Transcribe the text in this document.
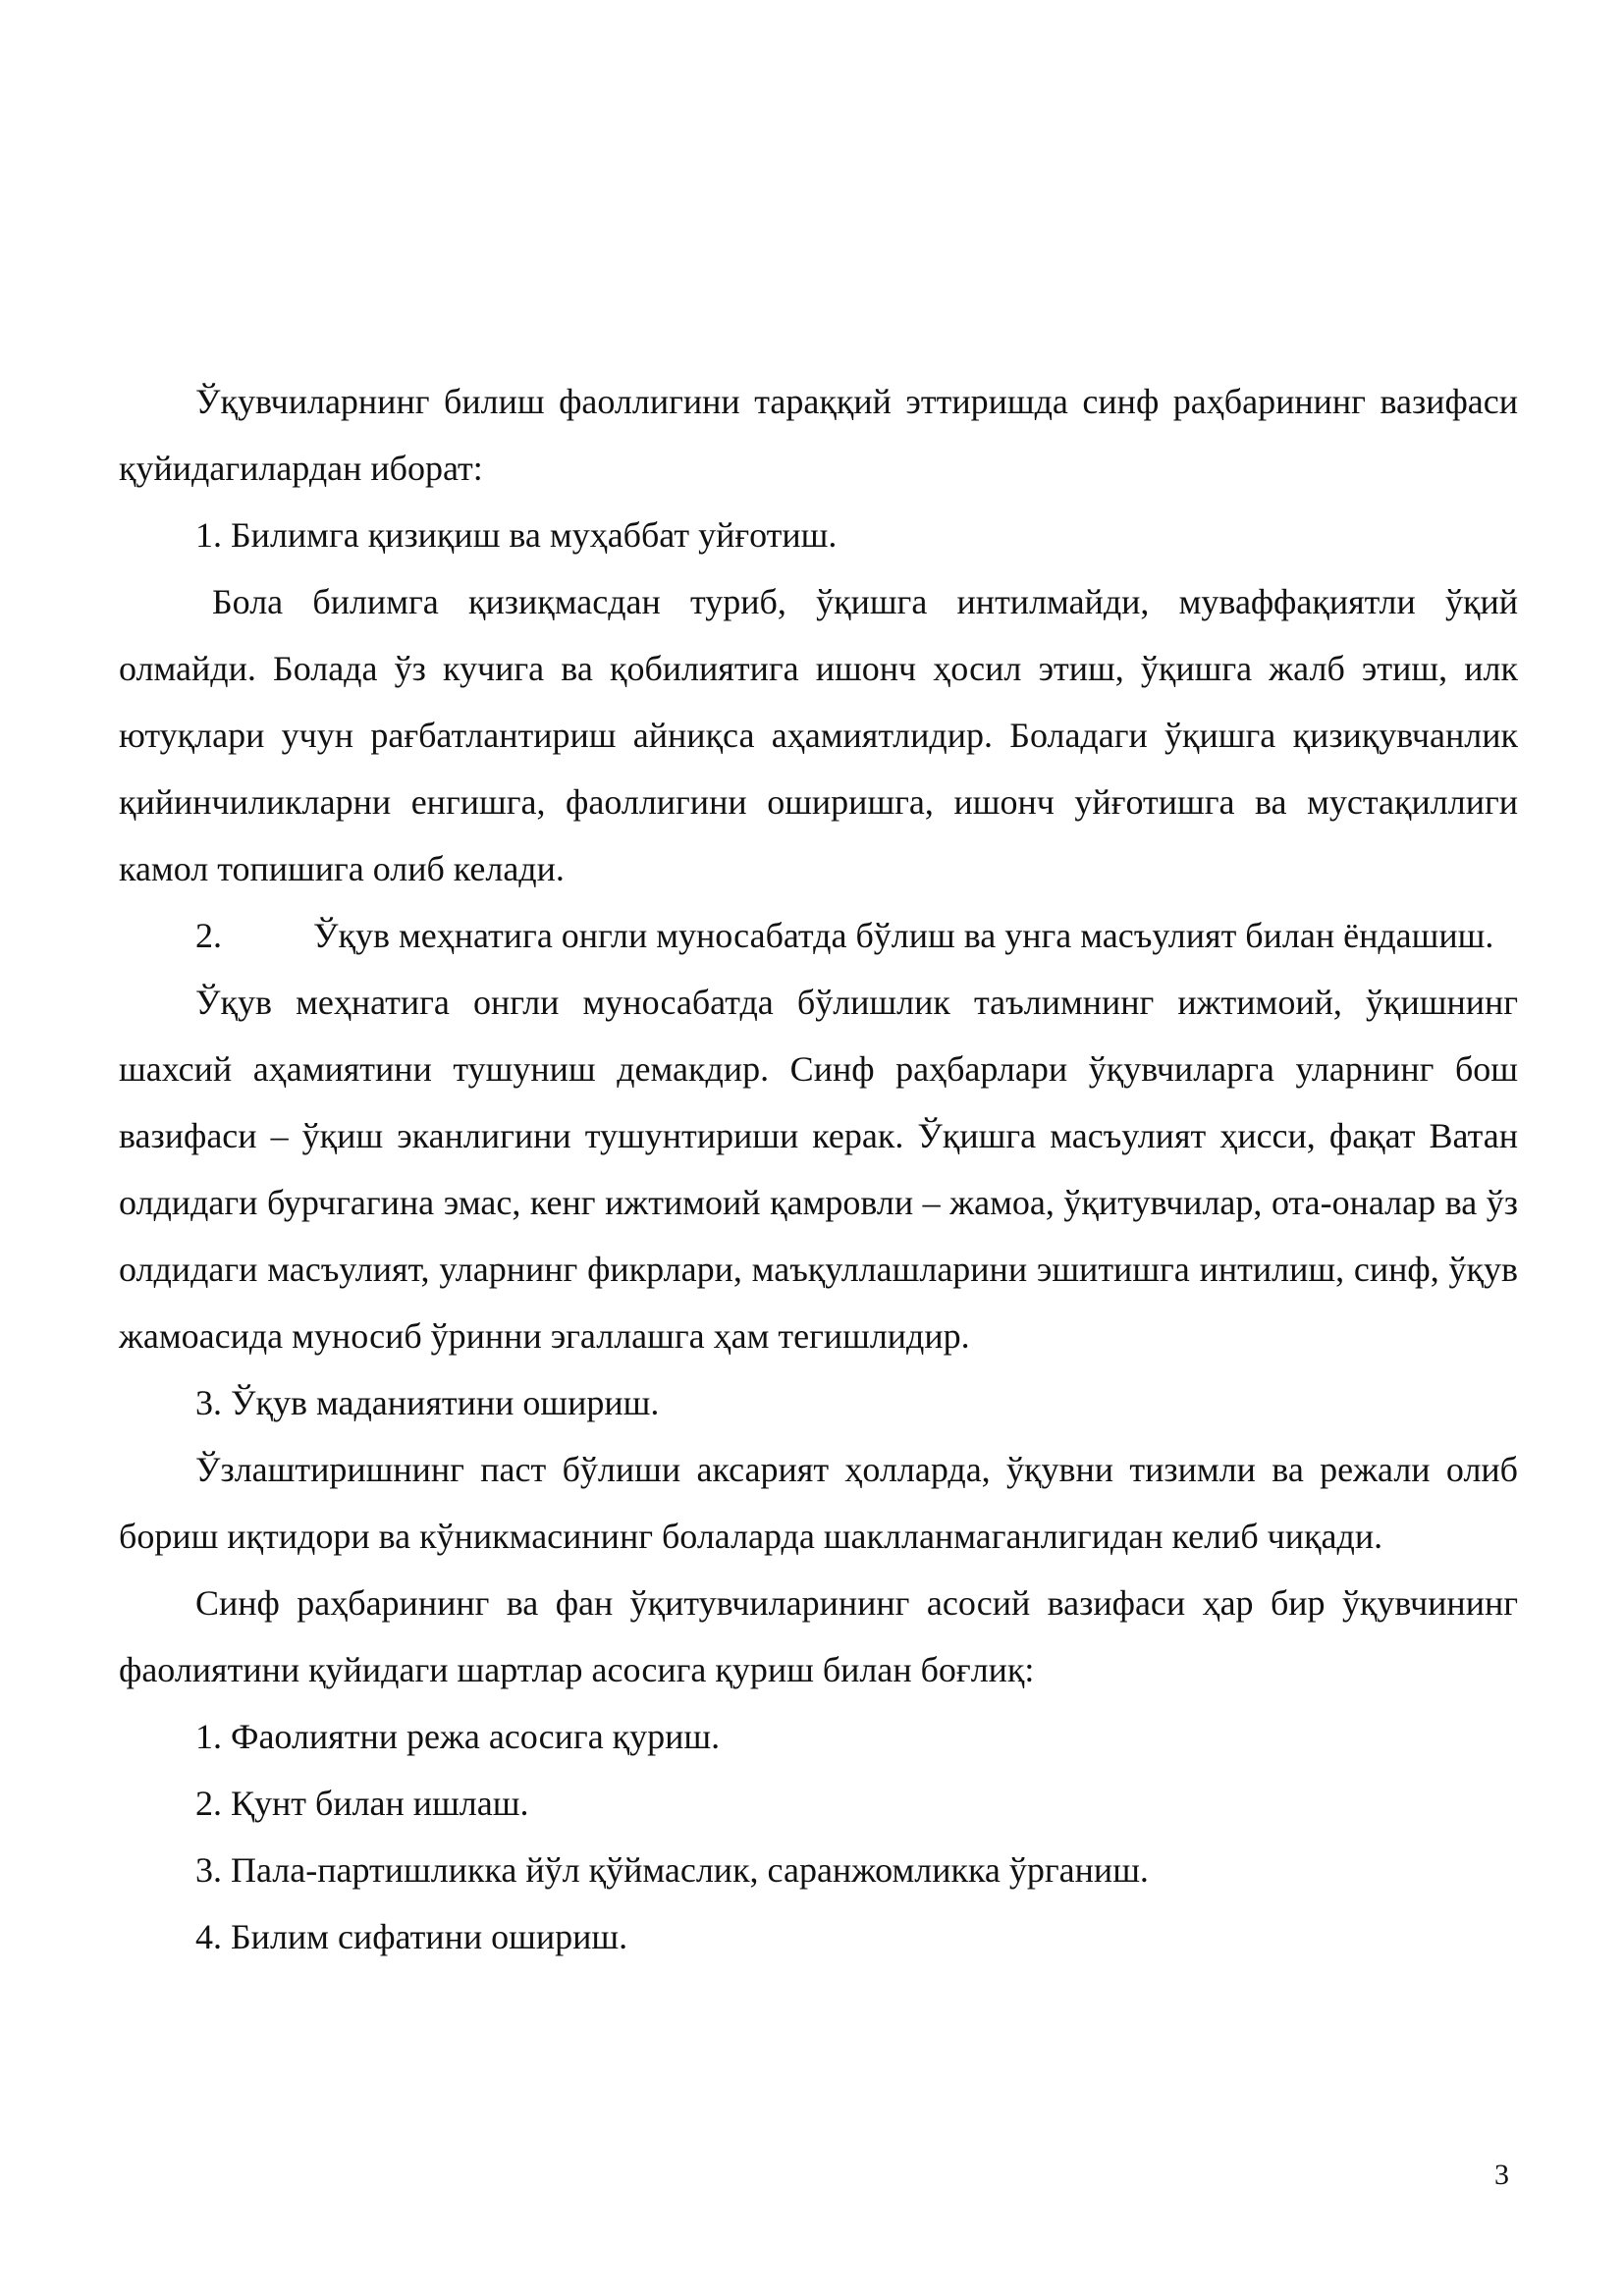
Ўқувчиларнинг билиш фаоллигини тараққий эттиришда синф раҳбарининг вазифаси қуйидагилардан иборат:

1. Билимга қизиқиш ва муҳаббат уйғотиш.

Бола билимга қизиқмасдан туриб, ўқишга интилмайди, муваффақиятли ўқий олмайди. Болада ўз кучига ва қобилиятига ишонч ҳосил этиш, ўқишга жалб этиш, илк ютуқлари учун рағбатлантириш айниқса аҳамиятлидир. Боладаги ўқишга қизиқувчанлик қийинчиликларни енгишга, фаоллигини оширишга, ишонч уйғотишга ва мустақиллиги камол топишига олиб келади.

2.	Ўқув меҳнатига онгли муносабатда бўлиш ва унга масъулият билан ёндашиш.

Ўқув меҳнатига онгли муносабатда бўлишлик таълимнинг ижтимоий, ўқишнинг шахсий аҳамиятини тушуниш демакдир. Синф раҳбарлари ўқувчиларга уларнинг бош вазифаси – ўқиш эканлигини тушунтириши керак. Ўқишга масъулият ҳисси, фақат Ватан олдидаги бурчгагина эмас, кенг ижтимоий қамровли – жамоа, ўқитувчилар, ота-оналар ва ўз олдидаги масъулият, уларнинг фикрлари, маъқуллашларини эшитишга интилиш, синф, ўқув жамоасида муносиб ўринни эгаллашга ҳам тегишлидир.

3. Ўқув маданиятини ошириш.

Ўзлаштиришнинг паст бўлиши аксарият ҳолларда, ўқувни тизимли ва режали олиб бориш иқтидори ва кўникмасининг болаларда шаклланмаганлигидан келиб чиқади.

Синф раҳбарининг ва фан ўқитувчиларининг асосий вазифаси ҳар бир ўқувчининг фаолиятини қуйидаги шартлар асосига қуриш билан боғлиқ:

1. Фаолиятни режа асосига қуриш.

2. Қунт билан ишлаш.

3. Пала-партишликка йўл қўймаслик, саранжомликка ўрганиш.

4. Билим сифатини ошириш.

3
